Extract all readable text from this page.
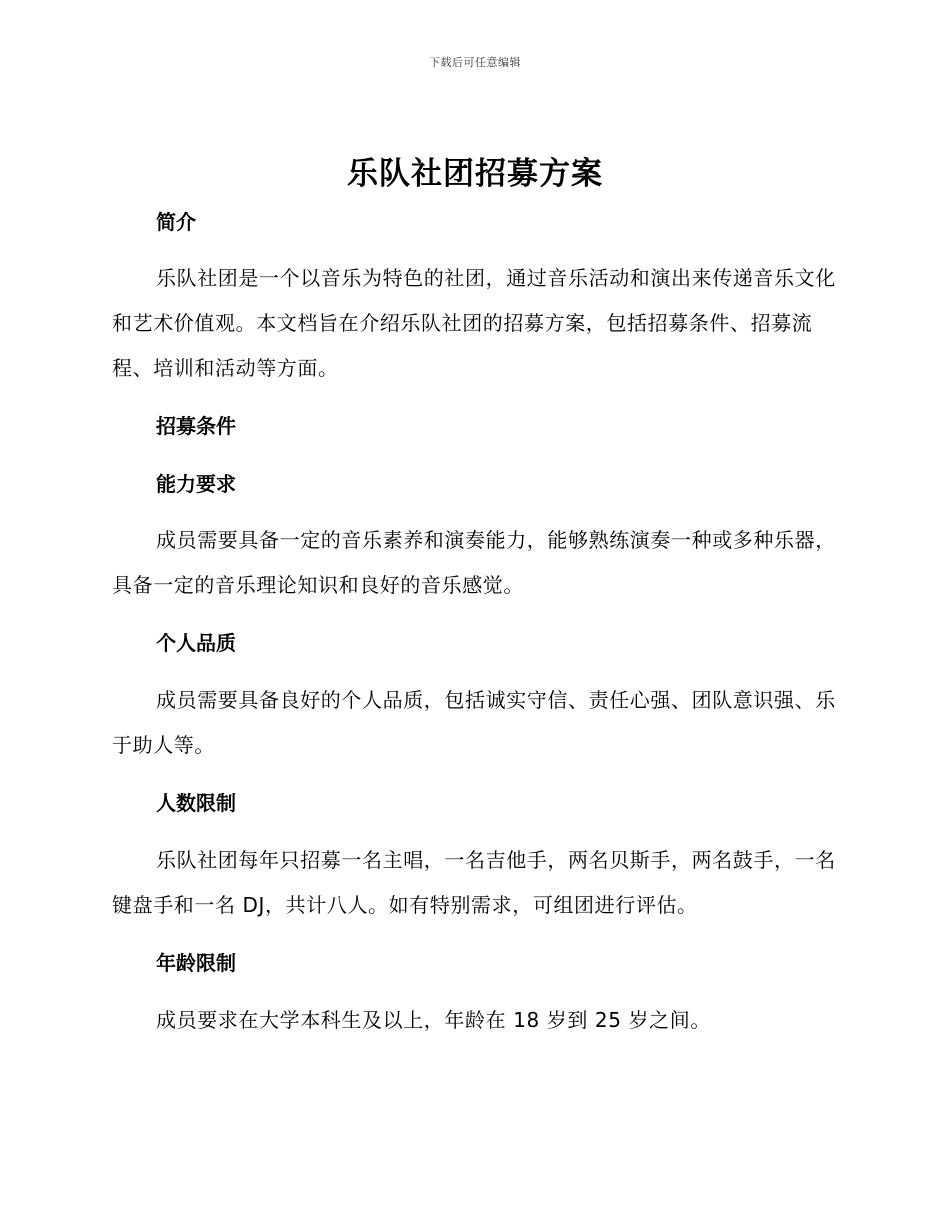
下载后可任意编辑
乐队社团招募方案
简介

乐队社团是一个以音乐为特色的社团，通过音乐活动和演出来传递音乐文化和艺术价值观。本文档旨在介绍乐队社团的招募方案，包括招募条件、招募流程、培训和活动等方面。

招募条件
能力要求

成员需要具备一定的音乐素养和演奏能力，能够熟练演奏一种或多种乐器，具备一定的音乐理论知识和良好的音乐感觉。

个人品质

成员需要具备良好的个人品质，包括诚实守信、责任心强、团队意识强、乐于助人等。

人数限制

乐队社团每年只招募一名主唱，一名吉他手，两名贝斯手，两名鼓手，一名键盘手和一名 DJ，共计八人。如有特别需求，可组团进行评估。

年龄限制

成员要求在大学本科生及以上，年龄在 18 岁到 25 岁之间。
